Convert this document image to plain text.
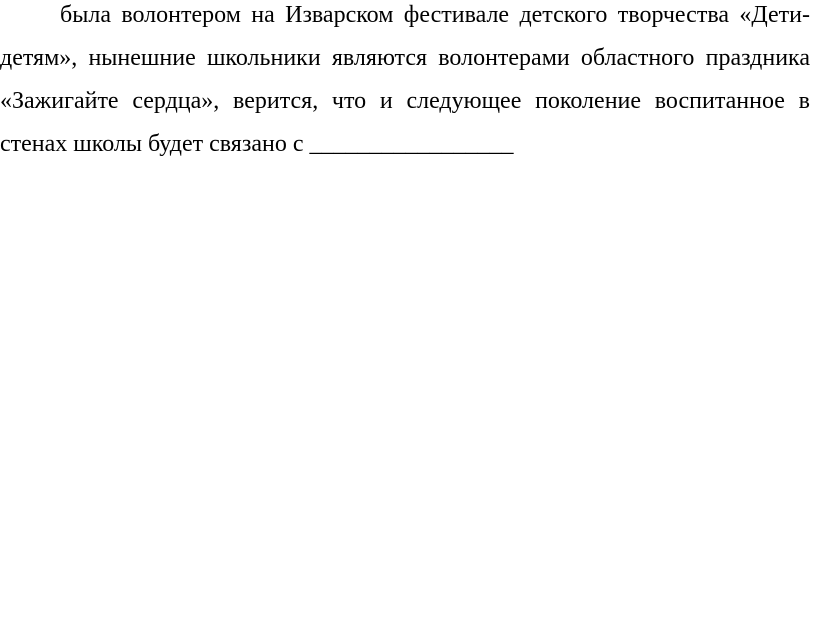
была волонтером на Изварском фестивале детского творчества «Дети-
детям», нынешние школьники являются волонтерами областного праздника
«Зажигайте сердца», верится, что и следующее поколение воспитанное в
стенах школы будет связано с _________________
